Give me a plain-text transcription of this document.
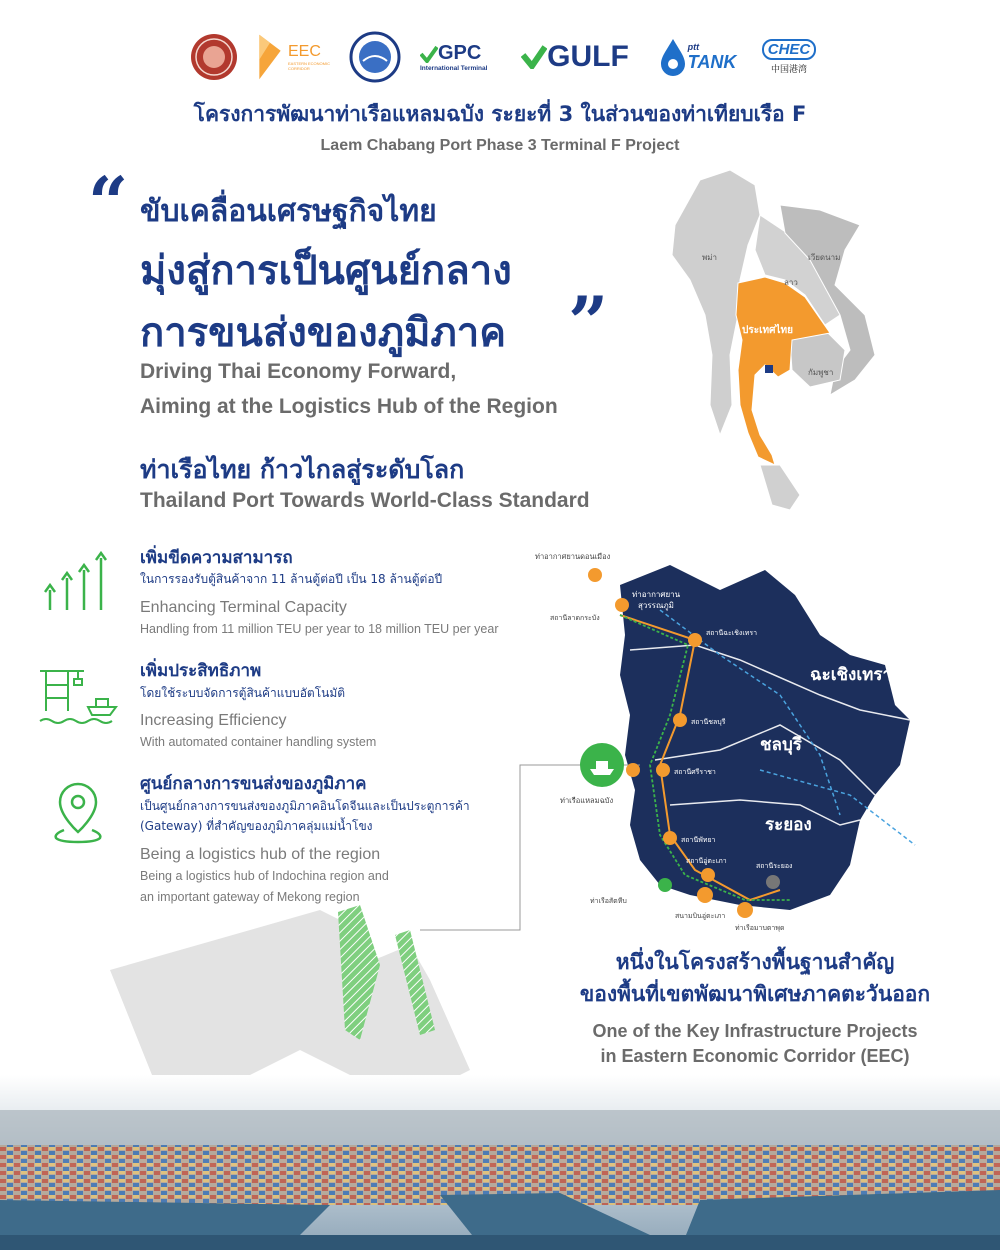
EEC
EASTERN ECONOMIC CORRIDOR
GPC
International Terminal GULF	ptt
TANK
CHEC
中国港湾
โครงการพัฒนาท่าเรือแหลมฉบัง ระยะที่ 3 ในส่วนของท่าเทียบเรือ F
Laem Chabang Port Phase 3 Terminal F Project
“ ขับเคลื่อนเศรษฐกิจไทย
มุ่งสู่การเป็นศูนย์กลาง
การขนส่งของภูมิภาค ”
Driving Thai Economy Forward,
Aiming at the Logistics Hub of the Region
ท่าเรือไทย ก้าวไกลสู่ระดับโลก
Thailand Port Towards World-Class Standard
พม่า	เวียดนาม
ลาว
ประเทศไทย
กัมพูชา
เพิ่มขีดความสามารถ
ในการรองรับตู้สินค้าจาก 11 ล้านตู้ต่อปี เป็น 18 ล้านตู้ต่อปี
Enhancing Terminal Capacity
Handling from 11 million TEU per year to 18 million TEU per year
เพิ่มประสิทธิภาพ
โดยใช้ระบบจัดการตู้สินค้าแบบอัตโนมัติ
Increasing Efficiency
With automated container handling system
ศูนย์กลางการขนส่งของภูมิภาค
เป็นศูนย์กลางการขนส่งของภูมิภาคอินโดจีนและเป็นประตูการค้า
(Gateway) ที่สำคัญของภูมิภาคลุ่มแม่น้ำโขง
Being a logistics hub of the region
Being a logistics hub of Indochina region and
an important gateway of Mekong region
ฉะเชิงเทรา
ชลบุรี
ระยอง
ท่าอากาศยานดอนเมือง
ท่าอากาศยาน
สุวรรณภูมิ
สถานีลาดกระบัง
สถานีฉะเชิงเทรา
สถานีชลบุรี
สถานีศรีราชา
สถานีพัทยา
สถานีอู่ตะเภา
สถานีระยอง
ท่าเรือแหลมฉบัง
ท่าเรือสัตหีบ
สนามบินอู่ตะเภา
ท่าเรือมาบตาพุด
หนึ่งในโครงสร้างพื้นฐานสำคัญ
ของพื้นที่เขตพัฒนาพิเศษภาคตะวันออก
One of the Key Infrastructure Projects
in Eastern Economic Corridor (EEC)
